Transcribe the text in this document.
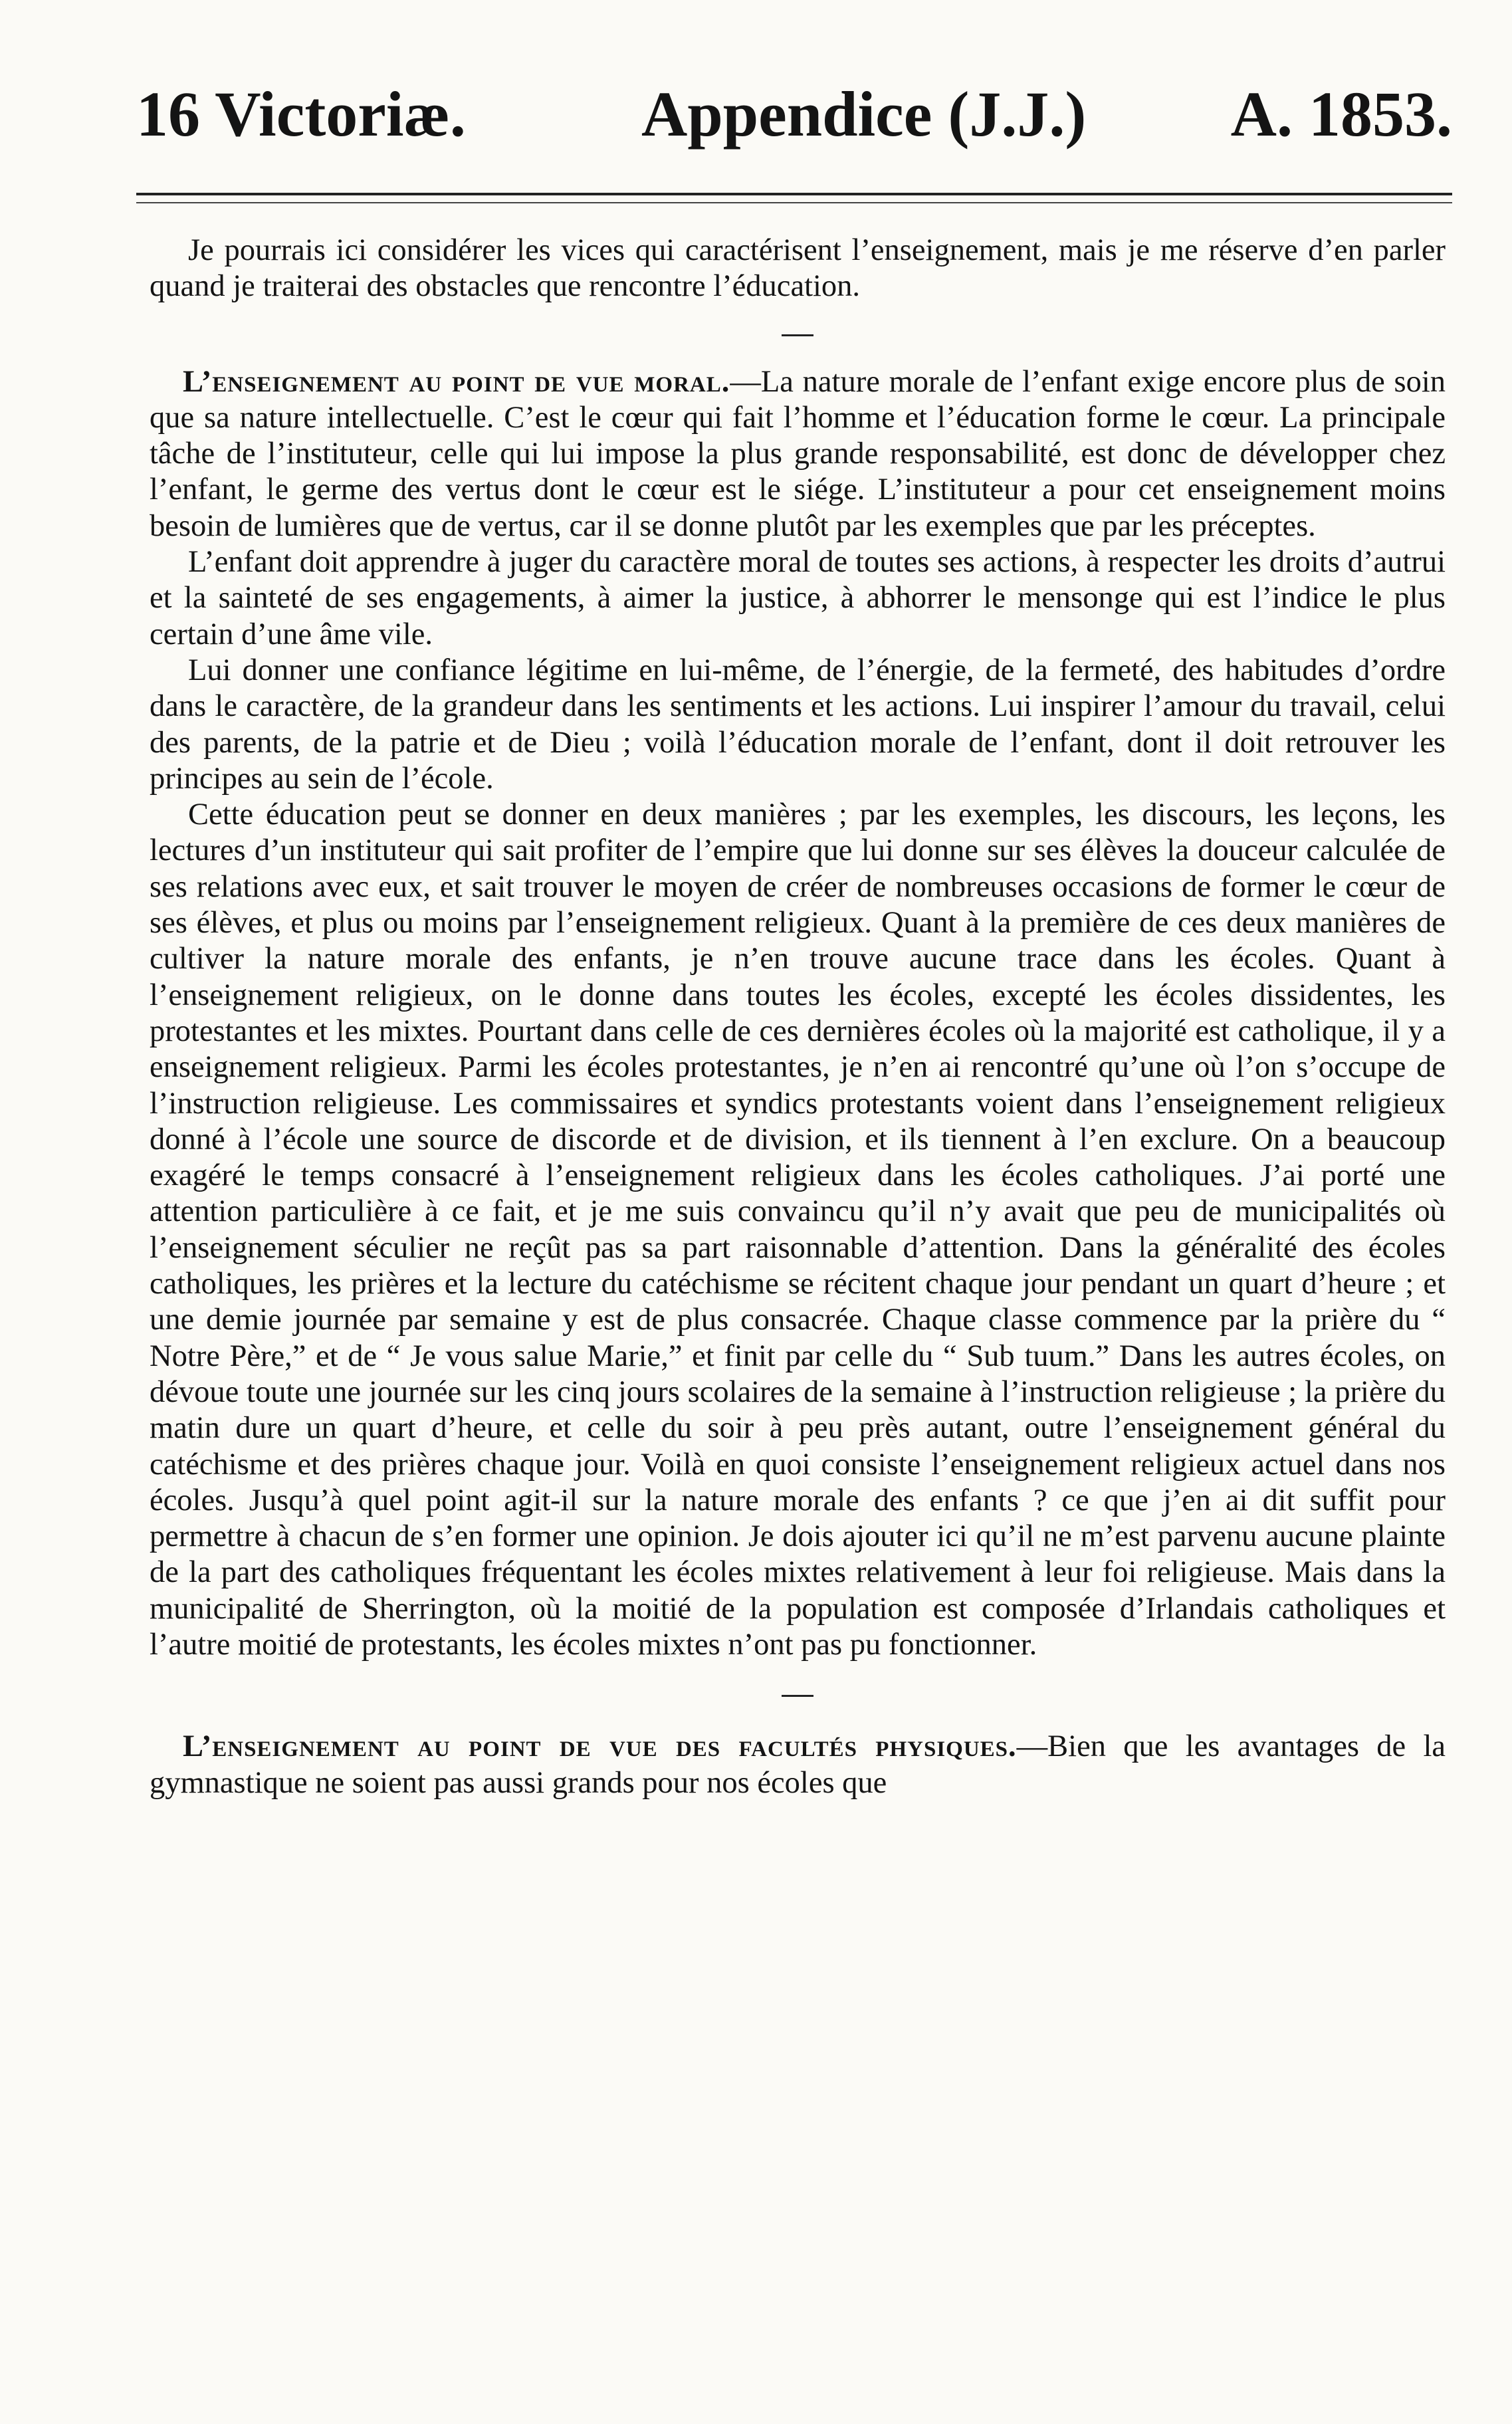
16 Victoriæ.	Appendice (J.J.) A. 1853.

Je pourrais ici considérer les vices qui caractérisent l’enseignement, mais je me réserve d’en parler quand je traiterai des obstacles que rencontre l’éducation.

L’enseignement au point de vue moral.—La nature morale de l’enfant exige encore plus de soin que sa nature intellectuelle. C’est le cœur qui fait l’homme et l’éducation forme le cœur. La principale tâche de l’instituteur, celle qui lui impose la plus grande responsabilité, est donc de développer chez l’enfant, le germe des vertus dont le cœur est le siége. L’instituteur a pour cet enseignement moins besoin de lumières que de vertus, car il se donne plutôt par les exemples que par les préceptes.

L’enfant doit apprendre à juger du caractère moral de toutes ses actions, à respecter les droits d’autrui et la sainteté de ses engagements, à aimer la justice, à abhorrer le mensonge qui est l’indice le plus certain d’une âme vile.

Lui donner une confiance légitime en lui-même, de l’énergie, de la fermeté, des habitudes d’ordre dans le caractère, de la grandeur dans les sentiments et les actions. Lui inspirer l’amour du travail, celui des parents, de la patrie et de Dieu ; voilà l’éducation morale de l’enfant, dont il doit retrouver les principes au sein de l’école.

Cette éducation peut se donner en deux manières ; par les exemples, les discours, les leçons, les lectures d’un instituteur qui sait profiter de l’empire que lui donne sur ses élèves la douceur calculée de ses relations avec eux, et sait trouver le moyen de créer de nombreuses occasions de former le cœur de ses élèves, et plus ou moins par l’enseignement religieux. Quant à la première de ces deux manières de cultiver la nature morale des enfants, je n’en trouve aucune trace dans les écoles. Quant à l’enseignement religieux, on le donne dans toutes les écoles, excepté les écoles dissidentes, les protestantes et les mixtes. Pourtant dans celle de ces dernières écoles où la majorité est catholique, il y a enseignement religieux. Parmi les écoles protestantes, je n’en ai rencontré qu’une où l’on s’occupe de l’instruction religieuse. Les commissaires et syndics protestants voient dans l’enseignement religieux donné à l’école une source de discorde et de division, et ils tiennent à l’en exclure. On a beaucoup exagéré le temps consacré à l’enseignement religieux dans les écoles catholiques. J’ai porté une attention particulière à ce fait, et je me suis convaincu qu’il n’y avait que peu de municipalités où l’enseignement séculier ne reçût pas sa part raisonnable d’attention. Dans la généralité des écoles catholiques, les prières et la lecture du catéchisme se récitent chaque jour pendant un quart d’heure ; et une demie journée par semaine y est de plus consacrée. Chaque classe commence par la prière du “ Notre Père,” et de “ Je vous salue Marie,” et finit par celle du “ Sub tuum.” Dans les autres écoles, on dévoue toute une journée sur les cinq jours scolaires de la semaine à l’instruction religieuse ; la prière du matin dure un quart d’heure, et celle du soir à peu près autant, outre l’enseignement général du catéchisme et des prières chaque jour. Voilà en quoi consiste l’enseignement religieux actuel dans nos écoles. Jusqu’à quel point agit-il sur la nature morale des enfants ? ce que j’en ai dit suffit pour permettre à chacun de s’en former une opinion. Je dois ajouter ici qu’il ne m’est parvenu aucune plainte de la part des catholiques fréquentant les écoles mixtes relativement à leur foi religieuse. Mais dans la municipalité de Sherrington, où la moitié de la population est composée d’Irlandais catholiques et l’autre moitié de protestants, les écoles mixtes n’ont pas pu fonctionner.

L’enseignement au point de vue des facultés physiques.—Bien que les avantages de la gymnastique ne soient pas aussi grands pour nos écoles que
